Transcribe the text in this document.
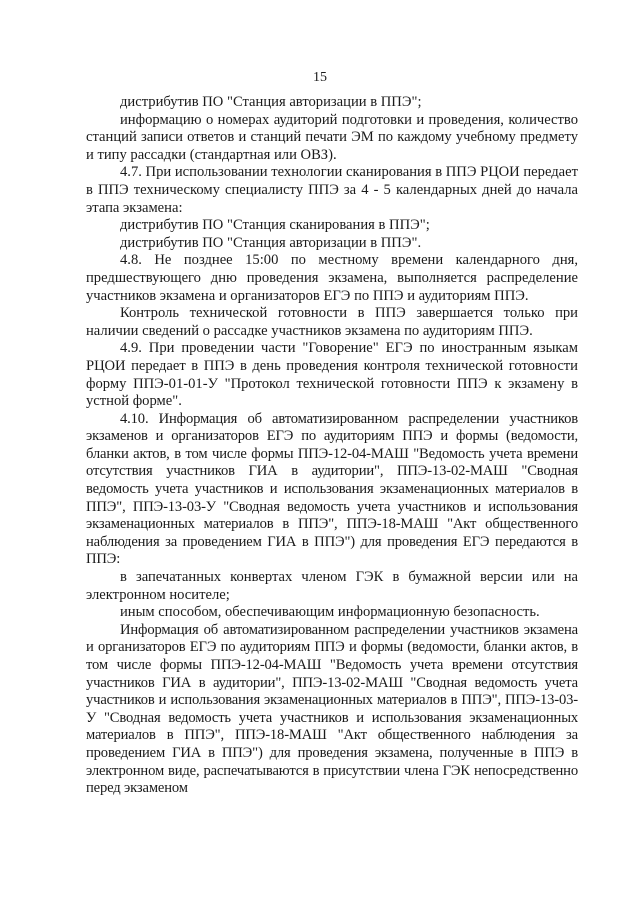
15

дистрибутив ПО "Станция авторизации в ППЭ";

информацию о номерах аудиторий подготовки и проведения, количество станций записи ответов и станций печати ЭМ по каждому учебному предмету и типу рассадки (стандартная или ОВЗ).

4.7. При использовании технологии сканирования в ППЭ РЦОИ передает в ППЭ техническому специалисту ППЭ за 4 - 5 календарных дней до начала этапа экзамена:

дистрибутив ПО "Станция сканирования в ППЭ";

дистрибутив ПО "Станция авторизации в ППЭ".

4.8. Не позднее 15:00 по местному времени календарного дня, предшествующего дню проведения экзамена, выполняется распределение участников экзамена и организаторов ЕГЭ по ППЭ и аудиториям ППЭ.

Контроль технической готовности в ППЭ завершается только при наличии сведений о рассадке участников экзамена по аудиториям ППЭ.

4.9. При проведении части "Говорение" ЕГЭ по иностранным языкам РЦОИ передает в ППЭ в день проведения контроля технической готовности форму ППЭ-01-01-У "Протокол технической готовности ППЭ к экзамену в устной форме".

4.10. Информация об автоматизированном распределении участников экзаменов и организаторов ЕГЭ по аудиториям ППЭ и формы (ведомости, бланки актов, в том числе формы ППЭ-12-04-МАШ "Ведомость учета времени отсутствия участников ГИА в аудитории", ППЭ-13-02-МАШ "Сводная ведомость учета участников и использования экзаменационных материалов в ППЭ", ППЭ-13-03-У "Сводная ведомость учета участников и использования экзаменационных материалов в ППЭ", ППЭ-18-МАШ "Акт общественного наблюдения за проведением ГИА в ППЭ") для проведения ЕГЭ передаются в ППЭ:

в запечатанных конвертах членом ГЭК в бумажной версии или на электронном носителе;

иным способом, обеспечивающим информационную безопасность.

Информация об автоматизированном распределении участников экзамена и организаторов ЕГЭ по аудиториям ППЭ и формы (ведомости, бланки актов, в том числе формы ППЭ-12-04-МАШ "Ведомость учета времени отсутствия участников ГИА в аудитории", ППЭ-13-02-МАШ "Сводная ведомость учета участников и использования экзаменационных материалов в ППЭ", ППЭ-13-03-У "Сводная ведомость учета участников и использования экзаменационных материалов в ППЭ", ППЭ-18-МАШ "Акт общественного наблюдения за проведением ГИА в ППЭ") для проведения экзамена, полученные в ППЭ в электронном виде, распечатываются в присутствии члена ГЭК непосредственно перед экзаменом
